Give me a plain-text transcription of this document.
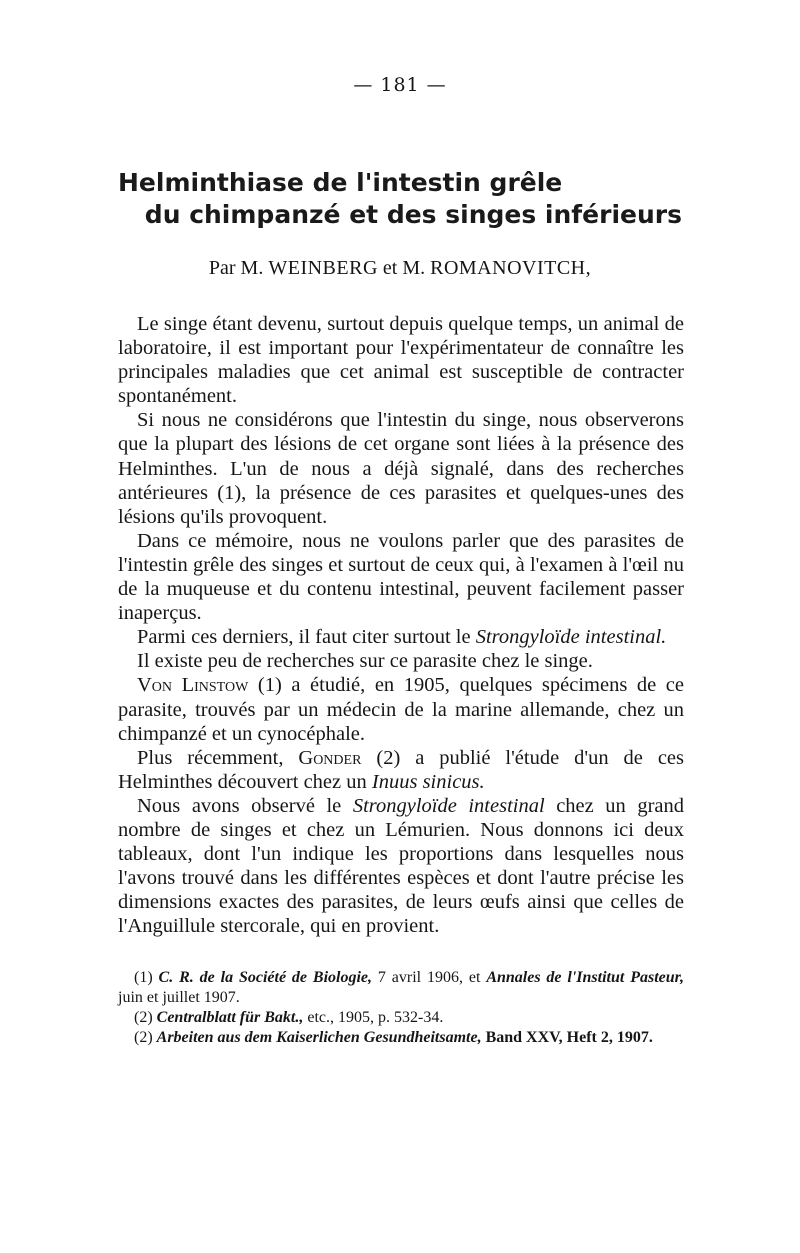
— 181 —
Helminthiase de l'intestin grêle
du chimpanzé et des singes inférieurs
Par M. WEINBERG et M. ROMANOVITCH,

Le singe étant devenu, surtout depuis quelque temps, un animal de laboratoire, il est important pour l'expérimentateur de connaître les principales maladies que cet animal est susceptible de contracter spontanément.

Si nous ne considérons que l'intestin du singe, nous observerons que la plupart des lésions de cet organe sont liées à la présence des Helminthes. L'un de nous a déjà signalé, dans des recherches antérieures (1), la présence de ces parasites et quelques-unes des lésions qu'ils provoquent.

Dans ce mémoire, nous ne voulons parler que des parasites de l'intestin grêle des singes et surtout de ceux qui, à l'examen à l'œil nu de la muqueuse et du contenu intestinal, peuvent facilement passer inaperçus.

Parmi ces derniers, il faut citer surtout le Strongyloïde intestinal.

Il existe peu de recherches sur ce parasite chez le singe.

Von Linstow (1) a étudié, en 1905, quelques spécimens de ce parasite, trouvés par un médecin de la marine allemande, chez un chimpanzé et un cynocéphale.

Plus récemment, Gonder (2) a publié l'étude d'un de ces Helminthes découvert chez un Inuus sinicus.

Nous avons observé le Strongyloïde intestinal chez un grand nombre de singes et chez un Lémurien. Nous donnons ici deux tableaux, dont l'un indique les proportions dans lesquelles nous l'avons trouvé dans les différentes espèces et dont l'autre précise les dimensions exactes des parasites, de leurs œufs ainsi que celles de l'Anguillule stercorale, qui en provient.

(1) C. R. de la Société de Biologie, 7 avril 1906, et Annales de l'Institut Pasteur, juin et juillet 1907.

(2) Centralblatt für Bakt., etc., 1905, p. 532-34.

(2) Arbeiten aus dem Kaiserlichen Gesundheitsamte, Band XXV, Heft 2, 1907.
